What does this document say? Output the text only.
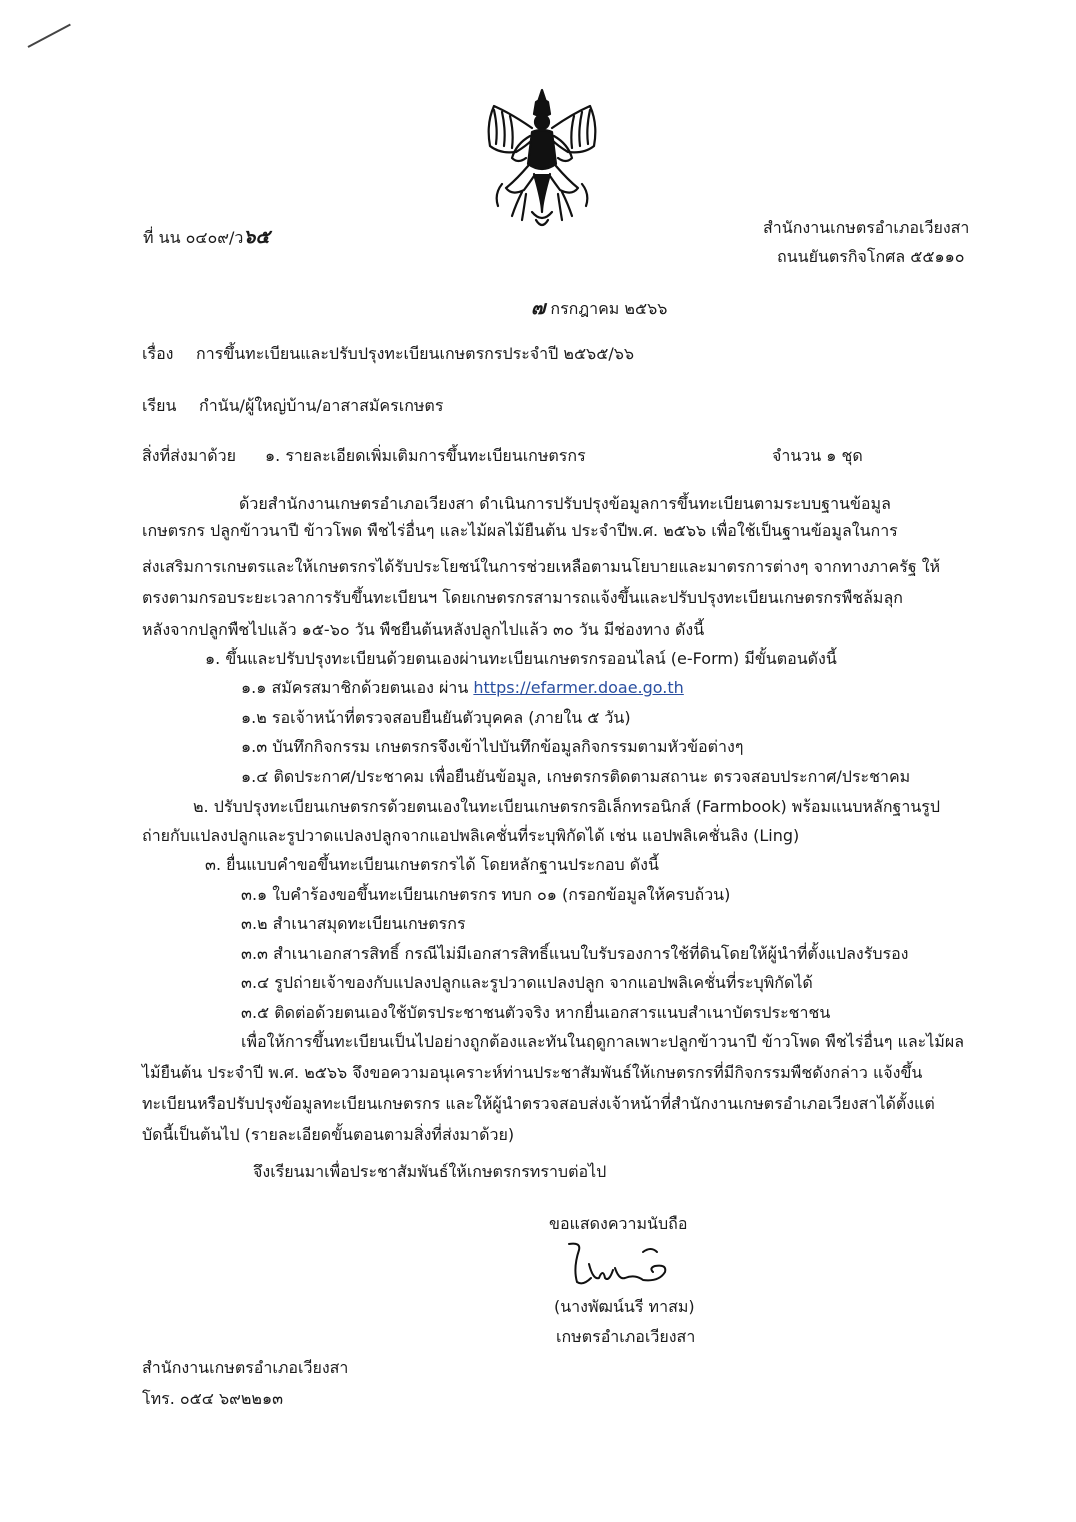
ที่ นน ๐๔๐๙/ว๖๕	สำนักงานเกษตรอำเภอเวียงสา
ถนนยันตรกิจโกศล ๕๕๑๑๐
๗ กรกฎาคม ๒๕๖๖
เรื่อง การขึ้นทะเบียนและปรับปรุงทะเบียนเกษตรกรประจำปี ๒๕๖๕/๖๖
เรียน กำนัน/ผู้ใหญ่บ้าน/อาสาสมัครเกษตร
สิ่งที่ส่งมาด้วย ๑. รายละเอียดเพิ่มเติมการขึ้นทะเบียนเกษตรกร	จำนวน ๑ ชุด
ด้วยสำนักงานเกษตรอำเภอเวียงสา ดำเนินการปรับปรุงข้อมูลการขึ้นทะเบียนตามระบบฐานข้อมูล
เกษตรกร ปลูกข้าวนาปี ข้าวโพด พืชไร่อื่นๆ และไม้ผลไม้ยืนต้น ประจำปีพ.ศ. ๒๕๖๖ เพื่อใช้เป็นฐานข้อมูลในการ
ส่งเสริมการเกษตรและให้เกษตรกรได้รับประโยชน์ในการช่วยเหลือตามนโยบายและมาตรการต่างๆ จากทางภาครัฐ ให้
ตรงตามกรอบระยะเวลาการรับขึ้นทะเบียนฯ โดยเกษตรกรสามารถแจ้งขึ้นและปรับปรุงทะเบียนเกษตรกรพืชล้มลุก
หลังจากปลูกพืชไปแล้ว ๑๕-๖๐ วัน พืชยืนต้นหลังปลูกไปแล้ว ๓๐ วัน มีช่องทาง ดังนี้
๑. ขึ้นและปรับปรุงทะเบียนด้วยตนเองผ่านทะเบียนเกษตรกรออนไลน์ (e-Form) มีขั้นตอนดังนี้
๑.๑ สมัครสมาชิกด้วยตนเอง ผ่าน https://efarmer.doae.go.th
๑.๒ รอเจ้าหน้าที่ตรวจสอบยืนยันตัวบุคคล (ภายใน ๕ วัน)
๑.๓ บันทึกกิจกรรม เกษตรกรจึงเข้าไปบันทึกข้อมูลกิจกรรมตามหัวข้อต่างๆ
๑.๔ ติดประกาศ/ประชาคม เพื่อยืนยันข้อมูล, เกษตรกรติดตามสถานะ ตรวจสอบประกาศ/ประชาคม
๒. ปรับปรุงทะเบียนเกษตรกรด้วยตนเองในทะเบียนเกษตรกรอิเล็กทรอนิกส์ (Farmbook) พร้อมแนบหลักฐานรูป
ถ่ายกับแปลงปลูกและรูปวาดแปลงปลูกจากแอปพลิเคชั่นที่ระบุพิกัดได้ เช่น แอปพลิเคชั่นลิง (Ling)
๓. ยื่นแบบคำขอขึ้นทะเบียนเกษตรกรได้ โดยหลักฐานประกอบ ดังนี้
๓.๑ ใบคำร้องขอขึ้นทะเบียนเกษตรกร ทบก ๐๑ (กรอกข้อมูลให้ครบถ้วน)
๓.๒ สำเนาสมุดทะเบียนเกษตรกร
๓.๓ สำเนาเอกสารสิทธิ์ กรณีไม่มีเอกสารสิทธิ์แนบใบรับรองการใช้ที่ดินโดยให้ผู้นำที่ตั้งแปลงรับรอง
๓.๔ รูปถ่ายเจ้าของกับแปลงปลูกและรูปวาดแปลงปลูก จากแอปพลิเคชั่นที่ระบุพิกัดได้
๓.๕ ติดต่อด้วยตนเองใช้บัตรประชาชนตัวจริง หากยื่นเอกสารแนบสำเนาบัตรประชาชน
เพื่อให้การขึ้นทะเบียนเป็นไปอย่างถูกต้องและทันในฤดูกาลเพาะปลูกข้าวนาปี ข้าวโพด พืชไร่อื่นๆ และไม้ผล
ไม้ยืนต้น ประจำปี พ.ศ. ๒๕๖๖ จึงขอความอนุเคราะห์ท่านประชาสัมพันธ์ให้เกษตรกรที่มีกิจกรรมพืชดังกล่าว แจ้งขึ้น
ทะเบียนหรือปรับปรุงข้อมูลทะเบียนเกษตรกร และให้ผู้นำตรวจสอบส่งเจ้าหน้าที่สำนักงานเกษตรอำเภอเวียงสาได้ตั้งแต่
บัดนี้เป็นต้นไป (รายละเอียดขั้นตอนตามสิ่งที่ส่งมาด้วย)
จึงเรียนมาเพื่อประชาสัมพันธ์ให้เกษตรกรทราบต่อไป
ขอแสดงความนับถือ
(นางพัฒน์นรี ทาสม)
เกษตรอำเภอเวียงสา
สำนักงานเกษตรอำเภอเวียงสา
โทร. ๐๕๔ ๖๙๒๒๑๓
